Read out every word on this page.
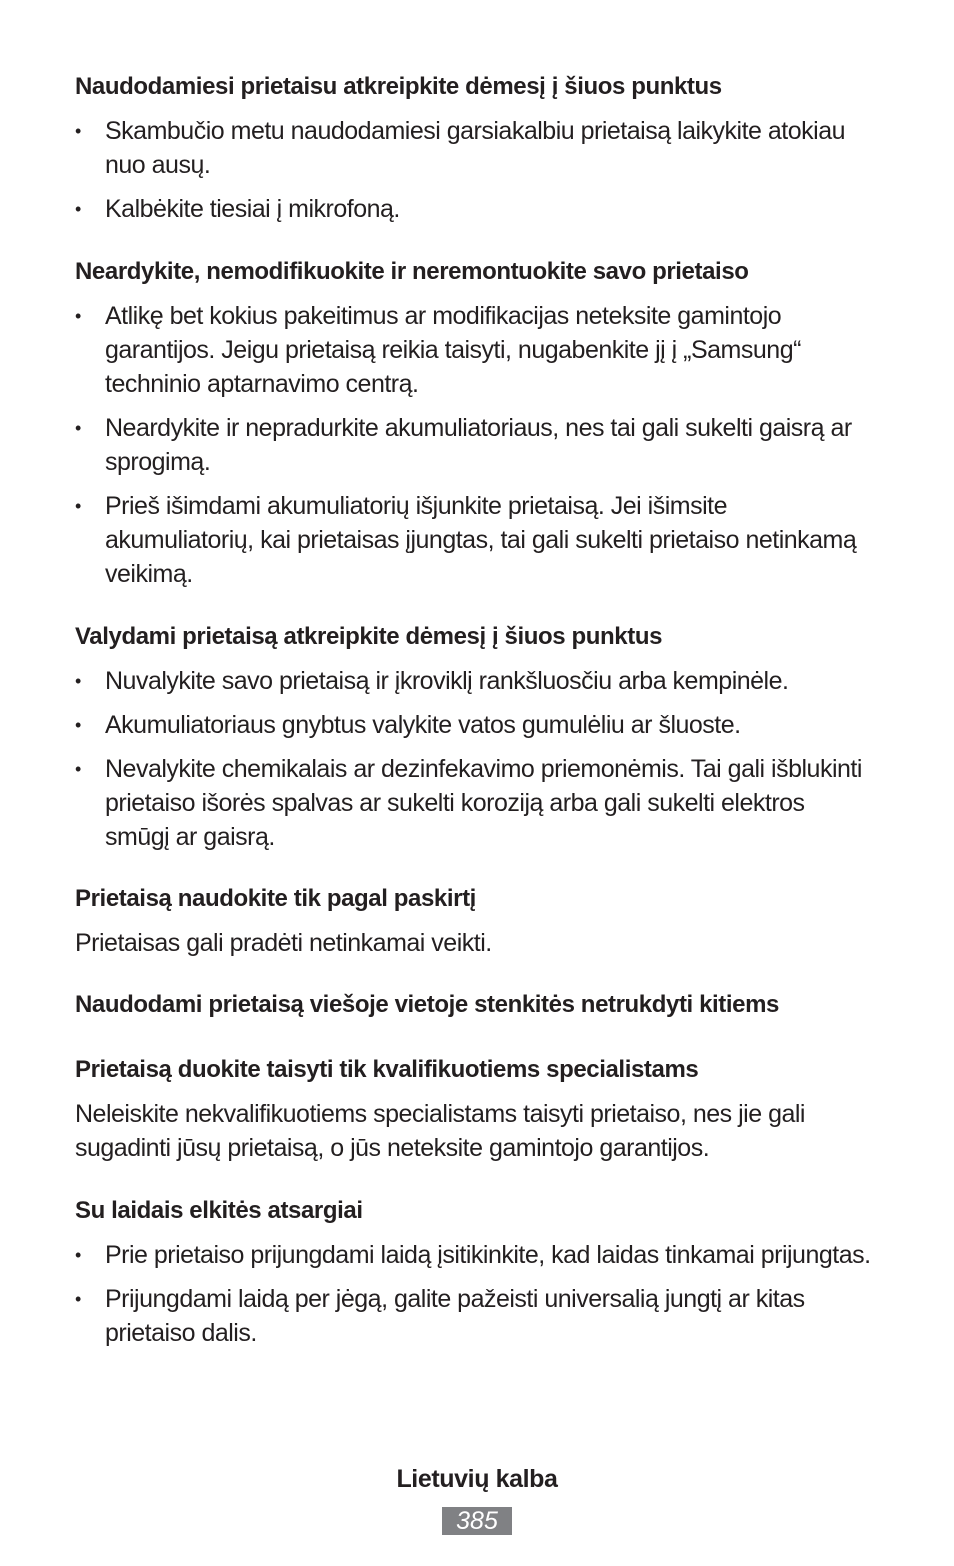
Naudodamiesi prietaisu atkreipkite dėmesį į šiuos punktus
• Skambučio metu naudodamiesi garsiakalbiu prietaisą laikykite atokiau nuo ausų.
• Kalbėkite tiesiai į mikrofoną.
Neardykite, nemodifikuokite ir neremontuokite savo prietaiso
• Atlikę bet kokius pakeitimus ar modifikacijas neteksite gamintojo garantijos. Jeigu prietaisą reikia taisyti, nugabenkite jį į „Samsung“ techninio aptarnavimo centrą.
• Neardykite ir nepradurkite akumuliatoriaus, nes tai gali sukelti gaisrą ar sprogimą.
• Prieš išimdami akumuliatorių išjunkite prietaisą. Jei išimsite akumuliatorių, kai prietaisas įjungtas, tai gali sukelti prietaiso netinkamą veikimą.
Valydami prietaisą atkreipkite dėmesį į šiuos punktus
• Nuvalykite savo prietaisą ir įkroviklį rankšluosčiu arba kempinėle.
• Akumuliatoriaus gnybtus valykite vatos gumulėliu ar šluoste.
• Nevalykite chemikalais ar dezinfekavimo priemonėmis. Tai gali išblukinti prietaiso išorės spalvas ar sukelti koroziją arba gali sukelti elektros smūgį ar gaisrą.
Prietaisą naudokite tik pagal paskirtį

Prietaisas gali pradėti netinkamai veikti.

Naudodami prietaisą viešoje vietoje stenkitės netrukdyti kitiems
Prietaisą duokite taisyti tik kvalifikuotiems specialistams

Neleiskite nekvalifikuotiems specialistams taisyti prietaiso, nes jie gali sugadinti jūsų prietaisą, o jūs neteksite gamintojo garantijos.

Su laidais elkitės atsargiai
• Prie prietaiso prijungdami laidą įsitikinkite, kad laidas tinkamai prijungtas.
• Prijungdami laidą per jėgą, galite pažeisti universalią jungtį ar kitas prietaiso dalis.
Lietuvių kalba
385
